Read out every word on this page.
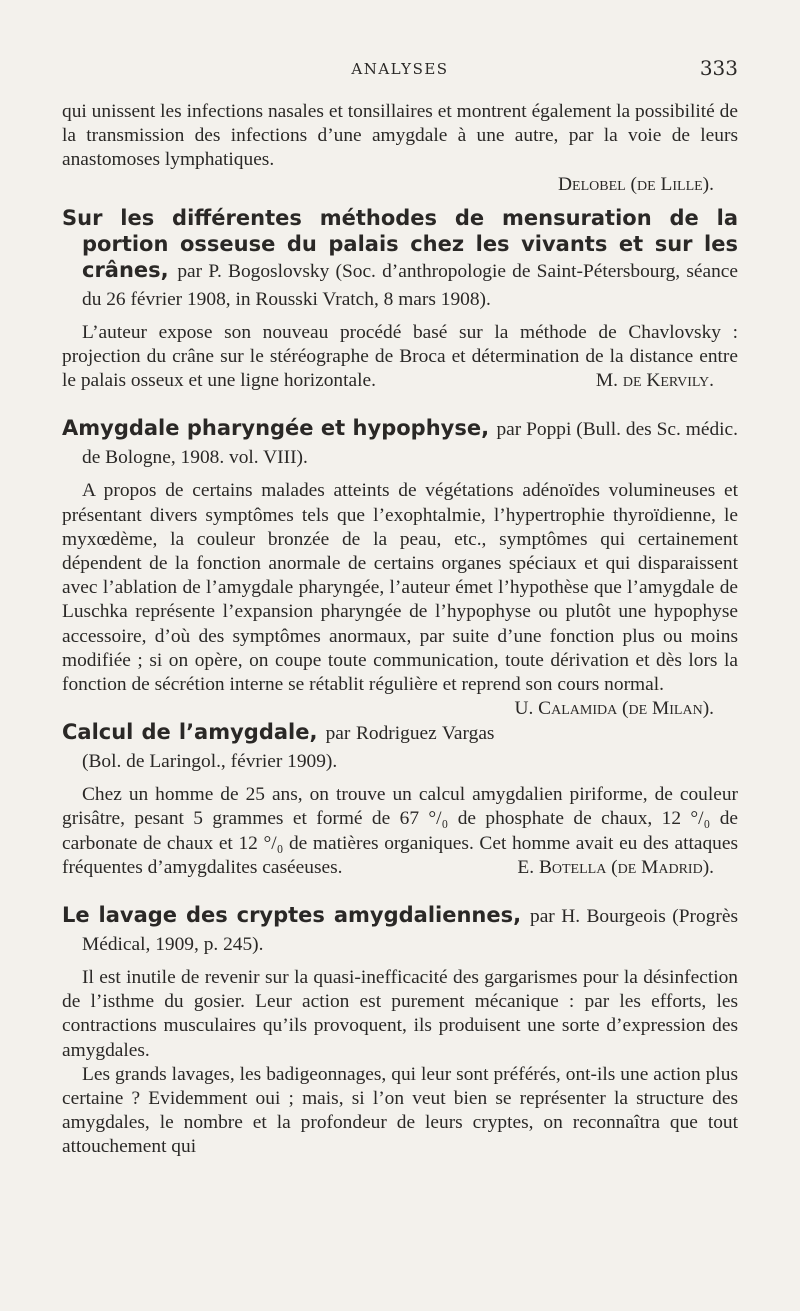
ANALYSES	333

qui unissent les infections nasales et tonsillaires et montrent également la possibilité de la transmission des infections d’une amygdale à une autre, par la voie de leurs anastomoses lymphatiques.

Delobel (de Lille).

Sur les différentes méthodes de mensuration de la portion osseuse du palais chez les vivants et sur les crânes, par P. Bogoslovsky (Soc. d’anthropologie de Saint-Pétersbourg, séance du 26 février 1908, in Rousski Vratch, 8 mars 1908).

L’auteur expose son nouveau procédé basé sur la méthode de Chavlovsky : projection du crâne sur le stéréographe de Broca et détermination de la distance entre le palais osseux et une ligne horizontale.	M. de Kervily.

Amygdale pharyngée et hypophyse, par Poppi (Bull. des Sc. médic. de Bologne, 1908. vol. VIII).

A propos de certains malades atteints de végétations adénoïdes volumineuses et présentant divers symptômes tels que l’exophtalmie, l’hypertrophie thyroïdienne, le myxœdème, la couleur bronzée de la peau, etc., symptômes qui certainement dépendent de la fonction anormale de certains organes spéciaux et qui disparaissent avec l’ablation de l’amygdale pharyngée, l’auteur émet l’hypothèse que l’amygdale de Luschka représente l’expansion pharyngée de l’hypophyse ou plutôt une hypophyse accessoire, d’où des symptômes anormaux, par suite d’une fonction plus ou moins modifiée ; si on opère, on coupe toute communication, toute dérivation et dès lors la fonction de sécrétion interne se rétablit régulière et reprend son cours normal.
U. Calamida (de Milan).

Calcul de l’amygdale, par Rodriguez Vargas (Bol. de Laringol., février 1909).

Chez un homme de 25 ans, on trouve un calcul amygdalien piriforme, de couleur grisâtre, pesant 5 grammes et formé de 67 °/₀ de phosphate de chaux, 12 °/₀ de carbonate de chaux et 12 °/₀ de matières organiques. Cet homme avait eu des attaques fréquentes d’amygdalites caséeuses.	E. Botella (de Madrid).

Le lavage des cryptes amygdaliennes, par H. Bourgeois (Progrès Médical, 1909, p. 245).

Il est inutile de revenir sur la quasi-inefficacité des gargarismes pour la désinfection de l’isthme du gosier. Leur action est purement mécanique : par les efforts, les contractions musculaires qu’ils provoquent, ils produisent une sorte d’expression des amygdales.

Les grands lavages, les badigeonnages, qui leur sont préférés, ont-ils une action plus certaine ? Evidemment oui ; mais, si l’on veut bien se représenter la structure des amygdales, le nombre et la profondeur de leurs cryptes, on reconnaîtra que tout attouchement qui
